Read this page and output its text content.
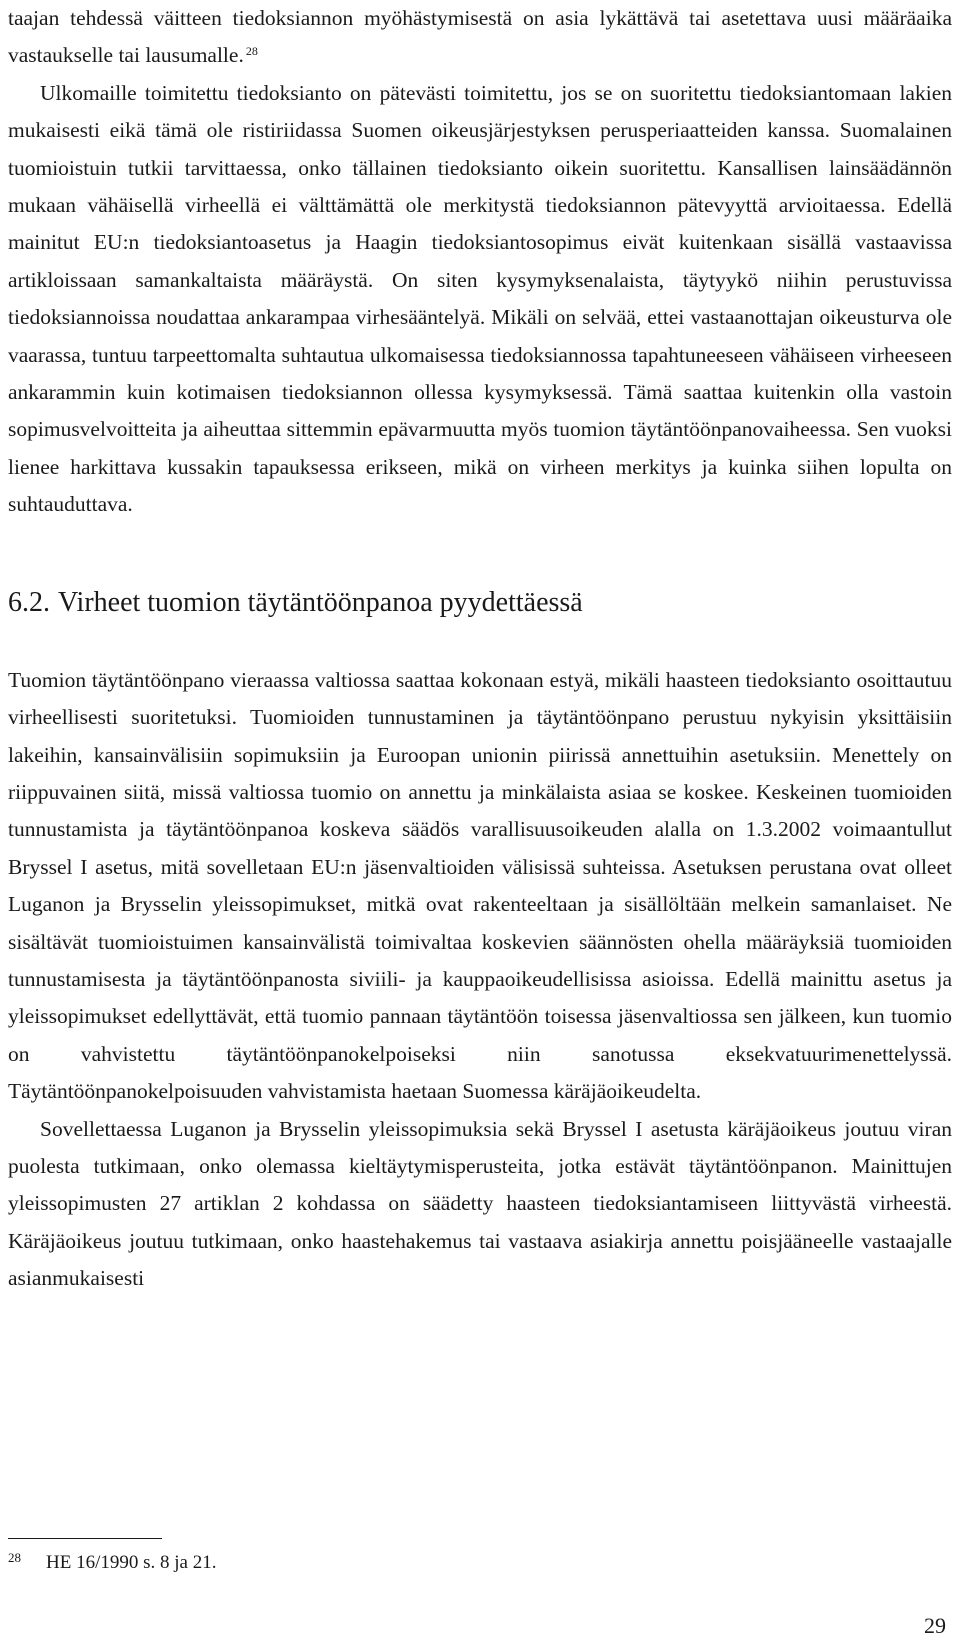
taajan tehdessä väitteen tiedoksiannon myöhästymisestä on asia lykättävä tai asetettava uusi määräaika vastaukselle tai lausumalle. $^{28}$

Ulkomaille toimitettu tiedoksianto on pätevästi toimitettu, jos se on suoritettu tiedoksiantomaan lakien mukaisesti eikä tämä ole ristiriidassa Suomen oikeusjärjestyksen perusperiaatteiden kanssa. Suomalainen tuomioistuin tutkii tarvittaessa, onko tällainen tiedoksianto oikein suoritettu. Kansallisen lainsäädännön mukaan vähäisellä virheellä ei välttämättä ole merkitystä tiedoksiannon pätevyyttä arvioitaessa. Edellä mainitut EU:n tiedoksiantoasetus ja Haagin tiedoksiantosopimus eivät kuitenkaan sisällä vastaavissa artikloissaan samankaltaista määräystä. On siten kysymyksenalaista, täytyykö niihin perustuvissa tiedoksiannoissa noudattaa ankarampaa virhesääntelyä. Mikäli on selvää, ettei vastaanottajan oikeusturva ole vaarassa, tuntuu tarpeettomalta suhtautua ulkomaisessa tiedoksiannossa tapahtuneeseen vähäiseen virheeseen ankarammin kuin kotimaisen tiedoksiannon ollessa kysymyksessä. Tämä saattaa kuitenkin olla vastoin sopimusvelvoitteita ja aiheuttaa sittemmin epävarmuutta myös tuomion täytäntöönpanovaiheessa. Sen vuoksi lienee harkittava kussakin tapauksessa erikseen, mikä on virheen merkitys ja kuinka siihen lopulta on suhtauduttava.

6.2. Virheet tuomion täytäntöönpanoa pyydettäessä

Tuomion täytäntöönpano vieraassa valtiossa saattaa kokonaan estyä, mikäli haasteen tiedoksianto osoittautuu virheellisesti suoritetuksi. Tuomioiden tunnustaminen ja täytäntöönpano perustuu nykyisin yksittäisiin lakeihin, kansainvälisiin sopimuksiin ja Euroopan unionin piirissä annettuihin asetuksiin. Menettely on riippuvainen siitä, missä valtiossa tuomio on annettu ja minkälaista asiaa se koskee. Keskeinen tuomioiden tunnustamista ja täytäntöönpanoa koskeva säädös varallisuusoikeuden alalla on 1.3.2002 voimaantullut Bryssel I asetus, mitä sovelletaan EU:n jäsenvaltioiden välisissä suhteissa. Asetuksen perustana ovat olleet Luganon ja Brysselin yleissopimukset, mitkä ovat rakenteeltaan ja sisällöltään melkein samanlaiset. Ne sisältävät tuomioistuimen kansainvälistä toimivaltaa koskevien säännösten ohella määräyksiä tuomioiden tunnustamisesta ja täytäntöönpanosta siviili- ja kauppaoikeudellisissa asioissa. Edellä mainittu asetus ja yleissopimukset edellyttävät, että tuomio pannaan täytäntöön toisessa jäsenvaltiossa sen jälkeen, kun tuomio on vahvistettu täytäntöönpanokelpoiseksi niin sanotussa eksekvatuurimenettelyssä. Täytäntöönpanokelpoisuuden vahvistamista haetaan Suomessa käräjäoikeudelta.

Sovellettaessa Luganon ja Brysselin yleissopimuksia sekä Bryssel I asetusta käräjäoikeus joutuu viran puolesta tutkimaan, onko olemassa kieltäytymisperusteita, jotka estävät täytäntöönpanon. Mainittujen yleissopimusten 27 artiklan 2 kohdassa on säädetty haasteen tiedoksiantamiseen liittyvästä virheestä. Käräjäoikeus joutuu tutkimaan, onko haastehakemus tai vastaava asiakirja annettu poisjääneelle vastaajalle asianmukaisesti

28 HE 16/1990 s. 8 ja 21.
29
